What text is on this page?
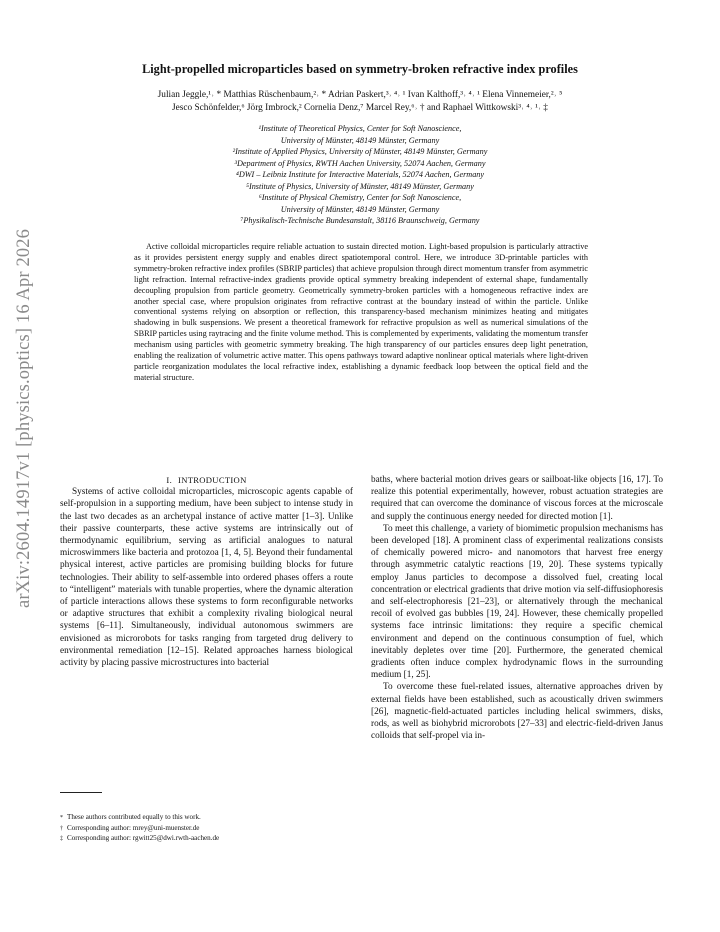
arXiv:2604.14917v1 [physics.optics] 16 Apr 2026
Light-propelled microparticles based on symmetry-broken refractive index profiles
Julian Jeggle,¹˒ * Matthias Rüschenbaum,²˒ * Adrian Paskert,³˒ ⁴˒ ¹ Ivan Kalthoff,³˒ ⁴˒ ¹ Elena Vinnemeier,²˒ ⁵
Jesco Schönfelder,⁶ Jörg Imbrock,² Cornelia Denz,⁷ Marcel Rey,⁶˒ † and Raphael Wittkowski³˒ ⁴˒ ¹˒ ‡
¹Institute of Theoretical Physics, Center for Soft Nanoscience,
University of Münster, 48149 Münster, Germany
²Institute of Applied Physics, University of Münster, 48149 Münster, Germany
³Department of Physics, RWTH Aachen University, 52074 Aachen, Germany
⁴DWI – Leibniz Institute for Interactive Materials, 52074 Aachen, Germany
⁵Institute of Physics, University of Münster, 48149 Münster, Germany
⁶Institute of Physical Chemistry, Center for Soft Nanoscience,
University of Münster, 48149 Münster, Germany
⁷Physikalisch-Technische Bundesanstalt, 38116 Braunschweig, Germany
Active colloidal microparticles require reliable actuation to sustain directed motion. Light-based propulsion is particularly attractive as it provides persistent energy supply and enables direct spatiotemporal control. Here, we introduce 3D-printable particles with symmetry-broken refractive index profiles (SBRIP particles) that achieve propulsion through direct momentum transfer from asymmetric light refraction. Internal refractive-index gradients provide optical symmetry breaking independent of external shape, fundamentally decoupling propulsion from particle geometry. Geometrically symmetry-broken particles with a homogeneous refractive index are another special case, where propulsion originates from refractive contrast at the boundary instead of within the particle. Unlike conventional systems relying on absorption or reflection, this transparency-based mechanism minimizes heating and mitigates shadowing in bulk suspensions. We present a theoretical framework for refractive propulsion as well as numerical simulations of the SBRIP particles using raytracing and the finite volume method. This is complemented by experiments, validating the momentum transfer mechanism using particles with geometric symmetry breaking. The high transparency of our particles ensures deep light penetration, enabling the realization of volumetric active matter. This opens pathways toward adaptive nonlinear optical materials where light-driven particle reorganization modulates the local refractive index, establishing a dynamic feedback loop between the optical field and the material structure.

I. INTRODUCTION

Systems of active colloidal microparticles, microscopic agents capable of self-propulsion in a supporting medium, have been subject to intense study in the last two decades as an archetypal instance of active matter [1–3]. Unlike their passive counterparts, these active systems are intrinsically out of thermodynamic equilibrium, serving as artificial analogues to natural microswimmers like bacteria and protozoa [1, 4, 5]. Beyond their fundamental physical interest, active particles are promising building blocks for future technologies. Their ability to self-assemble into ordered phases offers a route to “intelligent” materials with tunable properties, where the dynamic alteration of particle interactions allows these systems to form reconfigurable networks or adaptive structures that exhibit a complexity rivaling biological neural systems [6–11]. Simultaneously, individual autonomous swimmers are envisioned as microrobots for tasks ranging from targeted drug delivery to environmental remediation [12–15]. Related approaches harness biological activity by placing passive microstructures into bacterial

baths, where bacterial motion drives gears or sailboat-like objects [16, 17]. To realize this potential experimentally, however, robust actuation strategies are required that can overcome the dominance of viscous forces at the microscale and supply the continuous energy needed for directed motion [1].

To meet this challenge, a variety of biomimetic propulsion mechanisms has been developed [18]. A prominent class of experimental realizations consists of chemically powered micro- and nanomotors that harvest free energy through asymmetric catalytic reactions [19, 20]. These systems typically employ Janus particles to decompose a dissolved fuel, creating local concentration or electrical gradients that drive motion via self-diffusiophoresis and self-electrophoresis [21–23], or alternatively through the mechanical recoil of evolved gas bubbles [19, 24]. However, these chemically propelled systems face intrinsic limitations: they require a specific chemical environment and depend on the continuous consumption of fuel, which inevitably depletes over time [20]. Furthermore, the generated chemical gradients often induce complex hydrodynamic flows in the surrounding medium [1, 25].

To overcome these fuel-related issues, alternative approaches driven by external fields have been established, such as acoustically driven swimmers [26], magnetic-field-actuated particles including helical swimmers, disks, rods, as well as biohybrid microrobots [27–33] and electric-field-driven Janus colloids that self-propel via in-

* These authors contributed equally to this work.
† Corresponding author: mrey@uni-muenster.de
‡ Corresponding author: rgwitt25@dwi.rwth-aachen.de
